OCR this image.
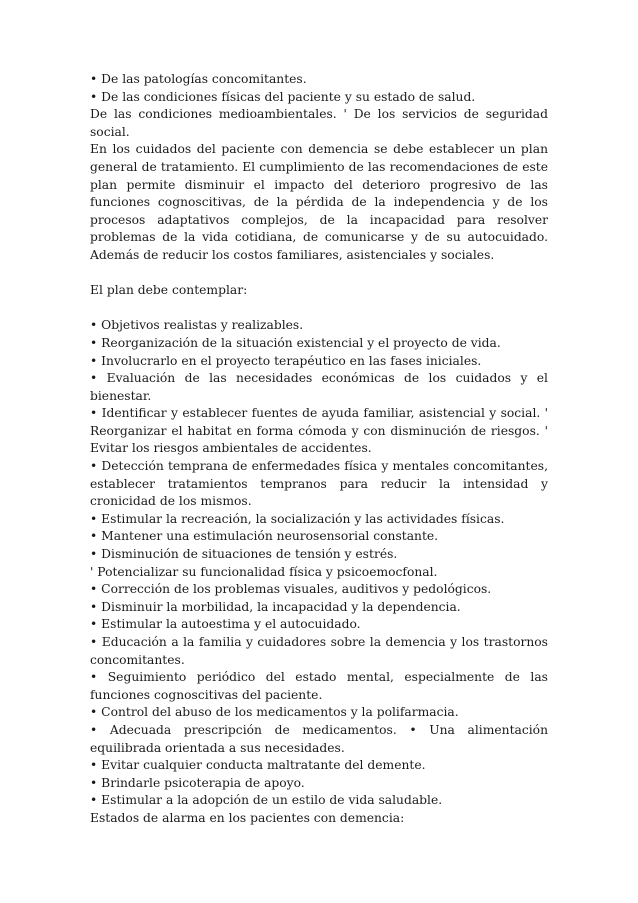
• De las patologías concomitantes.

• De las condiciones físicas del paciente y su estado de salud.

De las condiciones medioambientales. ' De los servicios de seguridad social.

En los cuidados del paciente con demencia se debe establecer un plan general de tratamiento. El cumplimiento de las recomendaciones de este plan permite disminuir el impacto del deterioro progresivo de las funciones cognoscitivas, de la pérdida de la independencia y de los procesos adaptativos complejos, de la incapacidad para resolver problemas de la vida cotidiana, de comunicarse y de su autocuidado. Además de reducir los costos familiares, asistenciales y sociales.

El plan debe contemplar:

• Objetivos realistas y realizables.

• Reorganización de la situación existencial y el proyecto de vida.

• Involucrarlo en el proyecto terapéutico en las fases iniciales.

• Evaluación de las necesidades económicas de los cuidados y el bienestar.

• Identificar y establecer fuentes de ayuda familiar, asistencial y social. ' Reorganizar el habitat en forma cómoda y con disminución de riesgos. ' Evitar los riesgos ambientales de accidentes.

• Detección temprana de enfermedades física y mentales concomitantes, establecer tratamientos tempranos para reducir la intensidad y cronicidad de los mismos.

• Estimular la recreación, la socialización y las actividades físicas.

• Mantener una estimulación neurosensorial constante.

• Disminución de situaciones de tensión y estrés.

' Potencializar su funcionalidad física y psicoemocfonal.

• Corrección de los problemas visuales, auditivos y pedológicos.

• Disminuir la morbilidad, la incapacidad y la dependencia.

• Estimular la autoestima y el autocuidado.

• Educación a la familia y cuidadores sobre la demencia y los trastornos concomitantes.

• Seguimiento periódico del estado mental, especialmente de las funciones cognoscitivas del paciente.

• Control del abuso de los medicamentos y la polifarmacia.

• Adecuada prescripción de medicamentos. • Una alimentación equilibrada orientada a sus necesidades.

• Evitar cualquier conducta maltratante del demente.

• Brindarle psicoterapia de apoyo.

• Estimular a la adopción de un estilo de vida saludable.

Estados de alarma en los pacientes con demencia:
